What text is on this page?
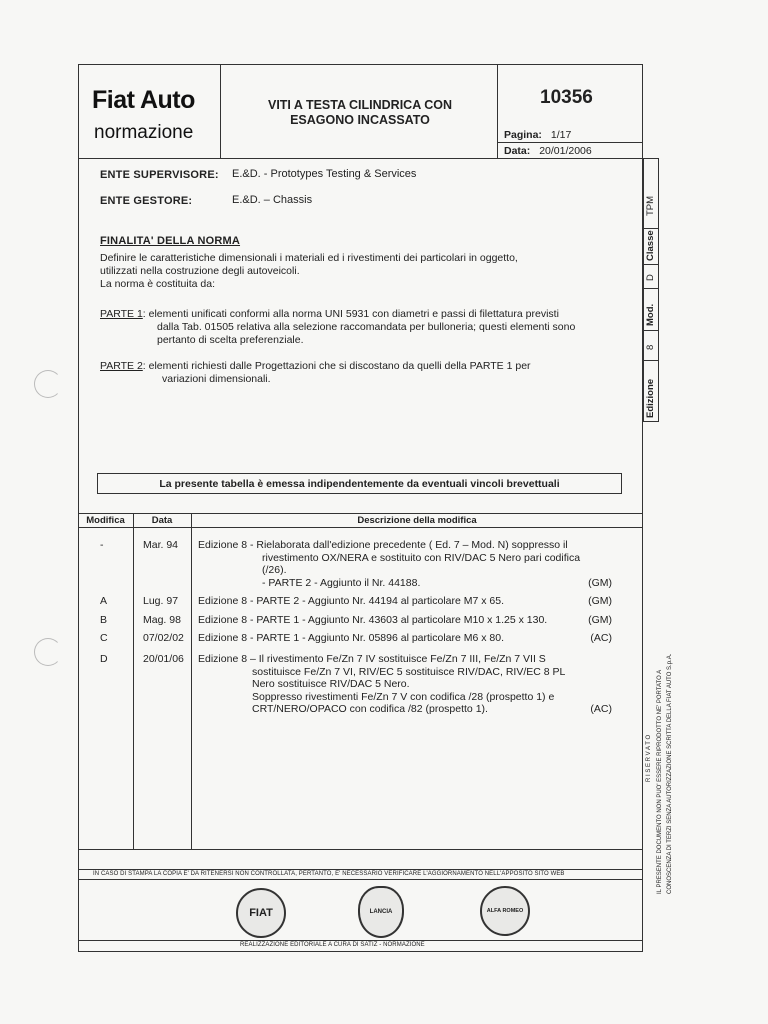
Fiat Auto
normazione
VITI A TESTA CILINDRICA CON
ESAGONO INCASSATO
10356
Pagina: 1/17
Data: 20/01/2006
ENTE SUPERVISORE: E.&D. - Prototypes Testing & Services
ENTE GESTORE:	E.&D. – Chassis
FINALITA' DELLA NORMA
Definire le caratteristiche dimensionali i materiali ed i rivestimenti dei particolari in oggetto,
utilizzati nella costruzione degli autoveicoli.
La norma è costituita da:
PARTE 1: elementi unificati conformi alla norma UNI 5931 con diametri e passi di filettatura previsti
dalla Tab. 01505 relativa alla selezione raccomandata per bulloneria; questi elementi sono
pertanto di scelta preferenziale.
PARTE 2: elementi richiesti dalle Progettazioni che si discostano da quelli della PARTE 1 per
variazioni dimensionali.
La presente tabella è emessa indipendentemente da eventuali vincoli brevettuali
Modifica	Data	Descrizione della modifica
-	Mar. 94 Edizione 8 - Rielaborata dall'edizione precedente ( Ed. 7 – Mod. N) soppresso il
rivestimento OX/NERA e sostituito con RIV/DAC 5 Nero pari codifica
(/26).
- PARTE 2 - Aggiunto il Nr. 44188.	(GM)
A	Lug. 97 Edizione 8 - PARTE 2 - Aggiunto Nr. 44194 al particolare M7 x 65.	(GM)
B	Mag. 98 Edizione 8 - PARTE 1 - Aggiunto Nr. 43603 al particolare M10 x 1.25 x 130.	(GM)
C	07/02/02 Edizione 8 - PARTE 1 - Aggiunto Nr. 05896 al particolare M6 x 80.	(AC)
D	20/01/06 Edizione 8 – Il rivestimento Fe/Zn 7 IV sostituisce Fe/Zn 7 III, Fe/Zn 7 VII S
sostituisce Fe/Zn 7 VI, RIV/EC 5 sostituisce RIV/DAC, RIV/EC 8 PL
Nero sostituisce RIV/DAC 5 Nero.
Soppresso rivestimenti Fe/Zn 7 V con codifica /28 (prospetto 1) e
CRT/NERO/OPACO con codifica /82 (prospetto 1).	(AC)
IN CASO DI STAMPA LA COPIA E' DA RITENERSI NON CONTROLLATA, PERTANTO, E' NECESSARIO VERIFICARE L'AGGIORNAMENTO NELL'APPOSITO SITO WEB
FIAT	LANCIA	ALFA ROMEO
REALIZZAZIONE EDITORIALE A CURA DI SATIZ - NORMAZIONE
TPM
Classe
D
Mod.
8
Edizione
R I S E R V A T O IL PRESENTE DOCUMENTO NON PUO' ESSERE RIPRODOTTO NE' PORTATO A CONOSCENZA DI TERZI SENZA AUTORIZZAZIONE SCRITTA DELLA FIAT AUTO S.p.A.
